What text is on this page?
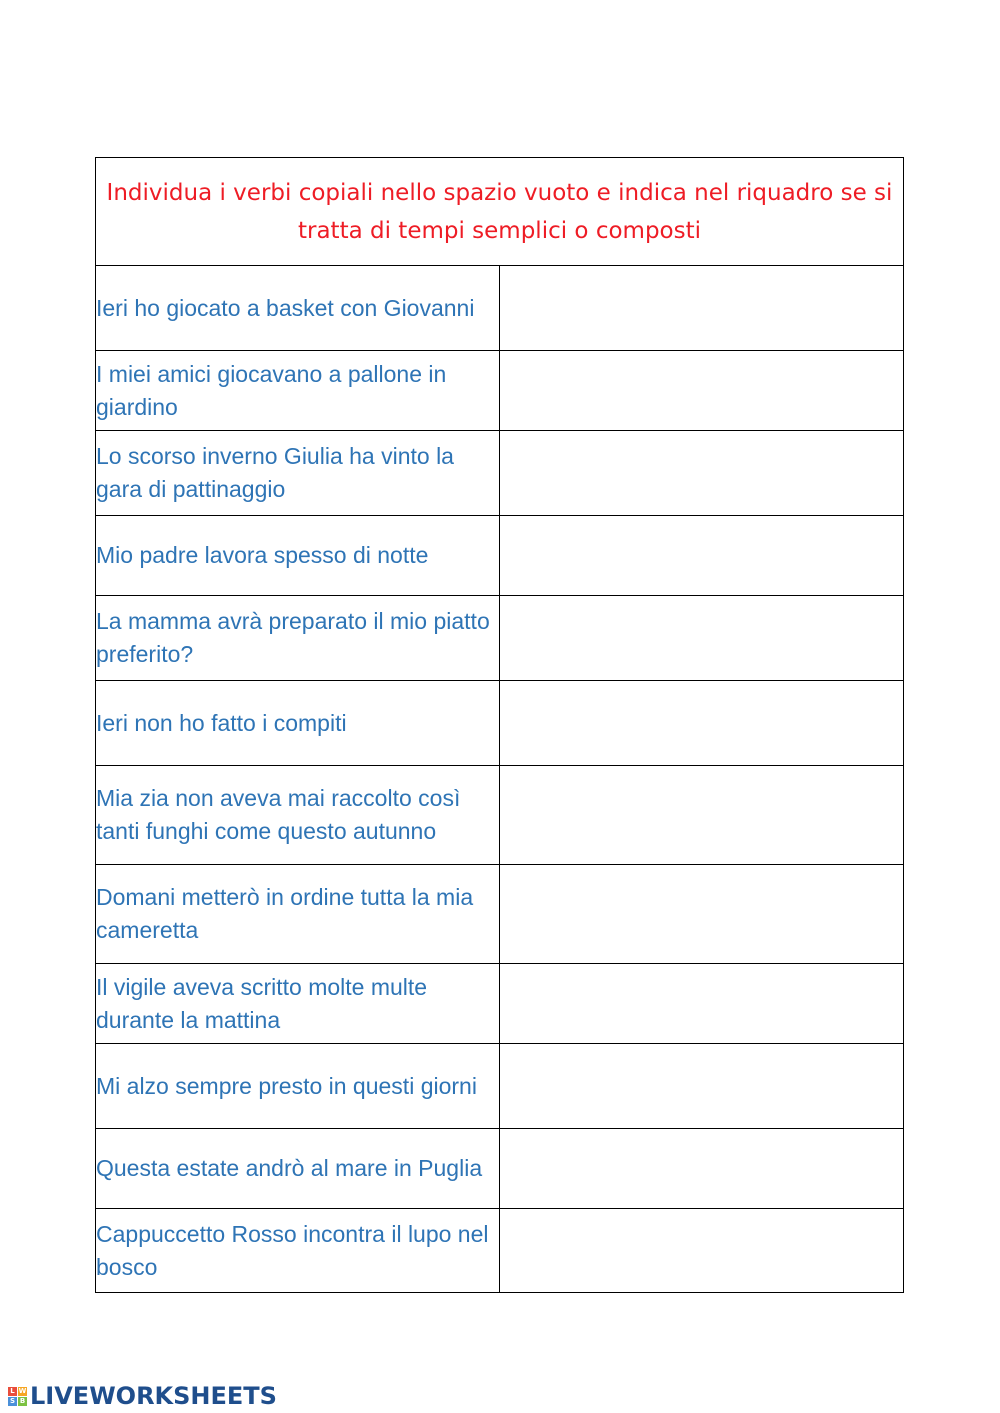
Individua i verbi copiali nello spazio vuoto e indica nel riquadro se si tratta di tempi semplici o composti	
Ieri ho giocato a basket con Giovanni	
I miei amici giocavano a pallone in giardino	
Lo scorso inverno Giulia ha vinto la gara di pattinaggio	
Mio padre lavora spesso di notte	
La mamma avrà preparato il mio piatto preferito?	
Ieri non ho fatto i compiti	
Mia zia non aveva mai raccolto così tanti funghi come questo autunno	
Domani metterò in ordine tutta la mia cameretta	
Il vigile aveva scritto molte multe durante la mattina	
Mi alzo sempre presto in questi giorni	
Questa estate andrò al mare in Puglia	
Cappuccetto Rosso incontra il lupo nel bosco	
L W
S B LIVEWORKSHEETS
